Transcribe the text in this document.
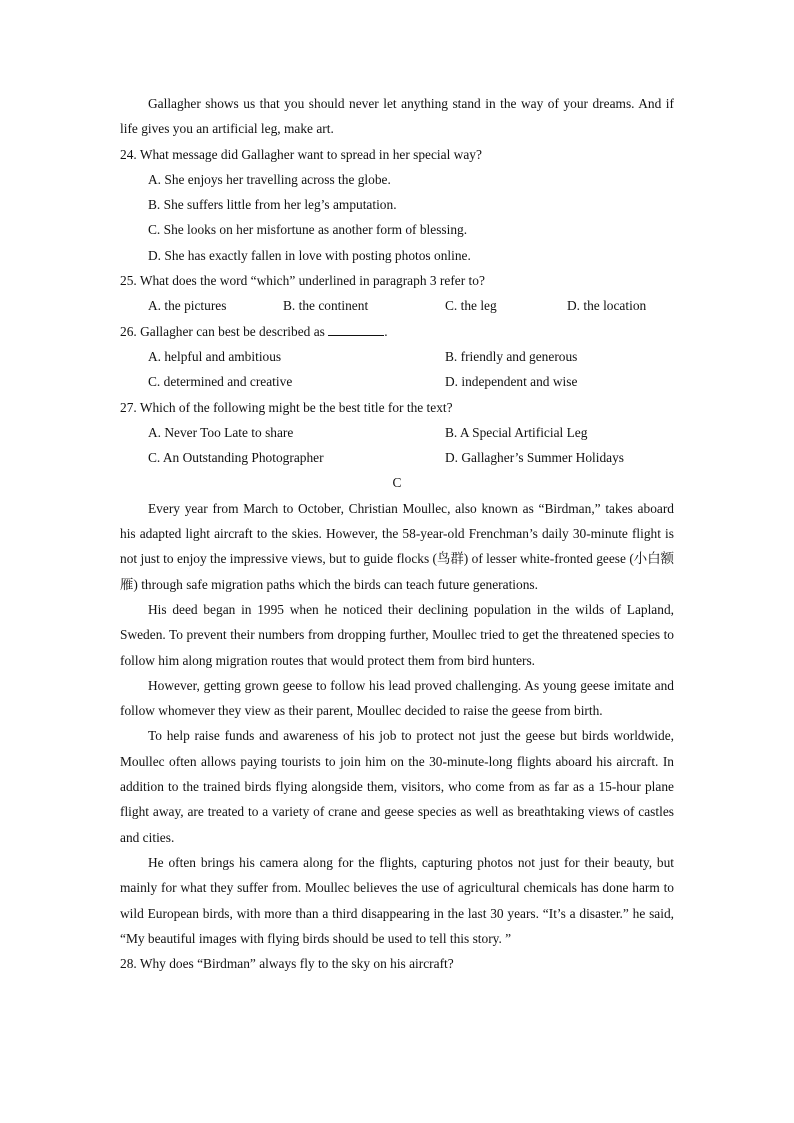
Gallagher shows us that you should never let anything stand in the way of your dreams. And if life gives you an artificial leg, make art.

24. What message did Gallagher want to spread in her special way?

A. She enjoys her travelling across the globe.

B. She suffers little from her leg’s amputation.

C. She looks on her misfortune as another form of blessing.

D. She has exactly fallen in love with posting photos online.

25. What does the word “which” underlined in paragraph 3 refer to?

A. the pictures	B. the continent	C. the leg	D. the location

26. Gallagher can best be described as	.

A. helpful and ambitious	B. friendly and generous
C. determined and creative	D. independent and wise

27. Which of the following might be the best title for the text?

A. Never Too Late to share	B. A Special Artificial Leg
C. An Outstanding Photographer	D. Gallagher’s Summer Holidays

C

Every year from March to October, Christian Moullec, also known as “Birdman,” takes aboard his adapted light aircraft to the skies. However, the 58-year-old Frenchman’s daily 30-minute flight is not just to enjoy the impressive views, but to guide flocks (鸟群) of lesser white-fronted geese (小白额雁) through safe migration paths which the birds can teach future generations.

His deed began in 1995 when he noticed their declining population in the wilds of Lapland, Sweden. To prevent their numbers from dropping further, Moullec tried to get the threatened species to follow him along migration routes that would protect them from bird hunters.

However, getting grown geese to follow his lead proved challenging. As young geese imitate and follow whomever they view as their parent, Moullec decided to raise the geese from birth.

To help raise funds and awareness of his job to protect not just the geese but birds worldwide, Moullec often allows paying tourists to join him on the 30-minute-long flights aboard his aircraft. In addition to the trained birds flying alongside them, visitors, who come from as far as a 15-hour plane flight away, are treated to a variety of crane and geese species as well as breathtaking views of castles and cities.

He often brings his camera along for the flights, capturing photos not just for their beauty, but mainly for what they suffer from. Moullec believes the use of agricultural chemicals has done harm to wild European birds, with more than a third disappearing in the last 30 years. “It’s a disaster.” he said, “My beautiful images with flying birds should be used to tell this story. ”

28. Why does “Birdman” always fly to the sky on his aircraft?
